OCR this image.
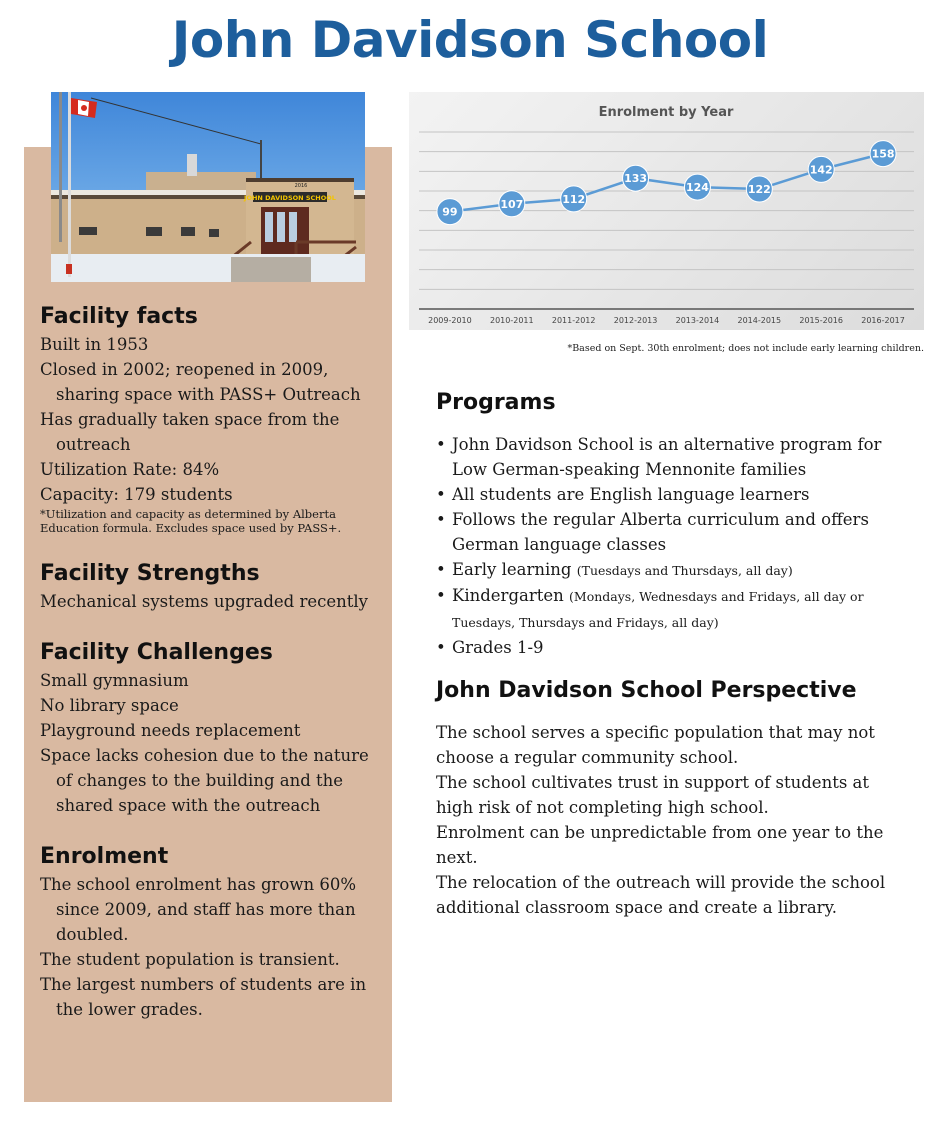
John Davidson School
JOHN DAVIDSON SCHOOL
2016
Facility facts

Built in 1953

Closed in 2002; reopened in 2009, sharing space with PASS+ Outreach

Has gradually taken space from the outreach

Utilization Rate: 84%

Capacity: 179 students

*Utilization and capacity as determined by Alberta Education formula. Excludes space used by PASS+.

Facility Strengths

Mechanical systems upgraded recently

Facility Challenges

Small gymnasium

No library space

Playground needs replacement

Space lacks cohesion due to the nature of changes to the building and the shared space with the outreach

Enrolment

The school enrolment has grown 60% since 2009, and staff has more than doubled.

The student population is transient.

The largest numbers of students are in the lower grades.

Enrolment by Year
2009-2010 2010-2011 2011-2012 2012-2013 2013-2014 2014-2015 2015-2016 2016-2017
99
107	112
133
124	122
142
158
*Based on Sept. 30th enrolment; does not include early learning children.
Programs
• John Davidson School is an alternative program for Low German-speaking Mennonite families
• All students are English language learners
• Follows the regular Alberta curriculum and offers German language classes
• Early learning (Tuesdays and Thursdays, all day)
• Kindergarten (Mondays, Wednesdays and Fridays, all day or Tuesdays, Thursdays and Fridays, all day)
• Grades 1-9
John Davidson School Perspective

The school serves a specific population that may not choose a regular community school.

The school cultivates trust in support of students at high risk of not completing high school.

Enrolment can be unpredictable from one year to the next.

The relocation of the outreach will provide the school additional classroom space and create a library.
